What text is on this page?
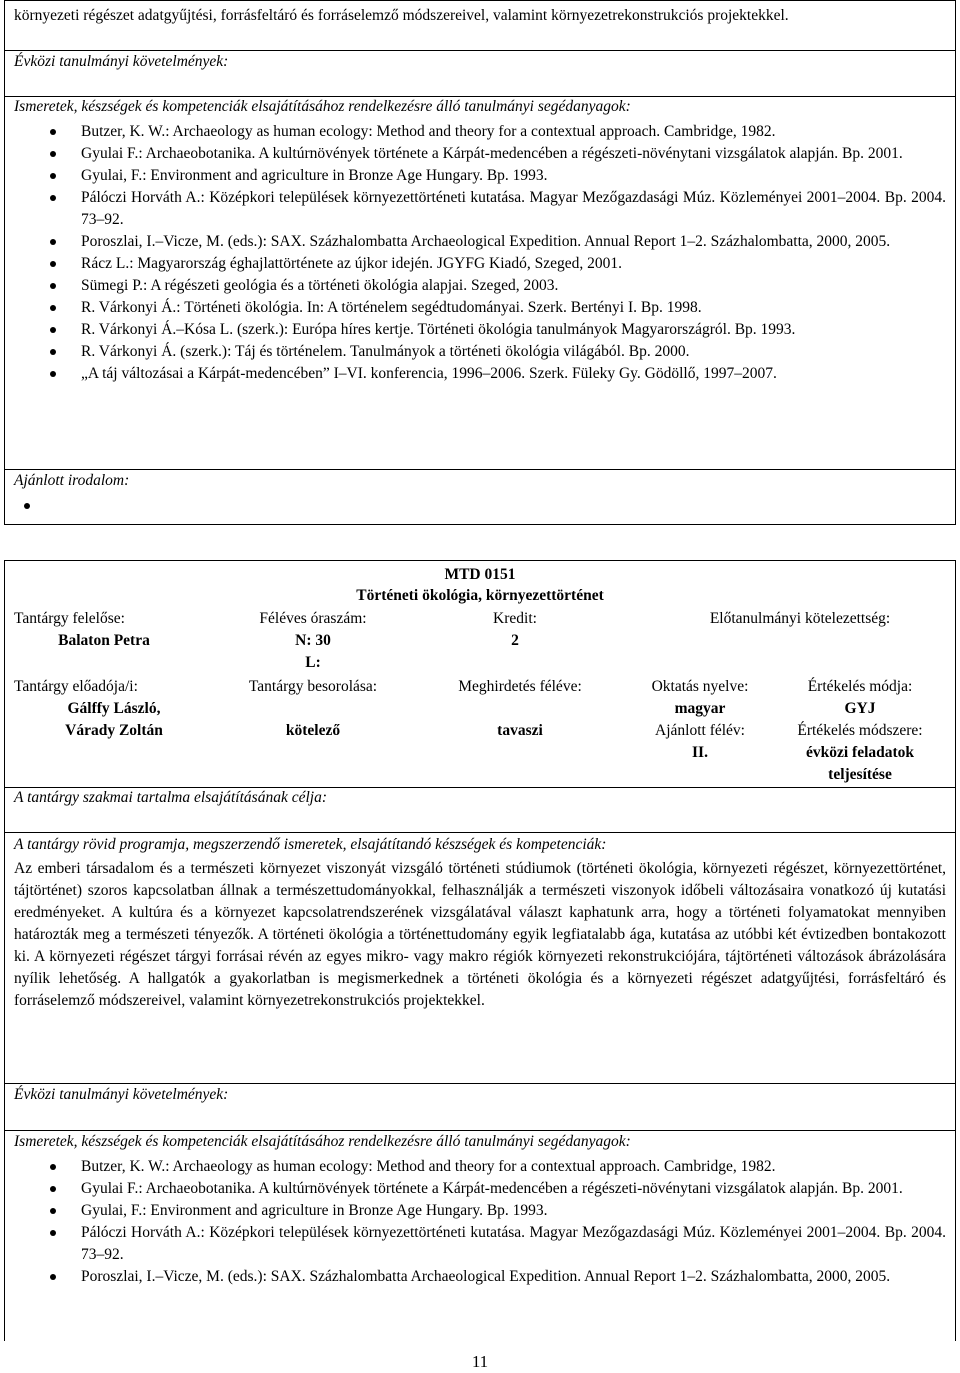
környezeti régészet adatgyűjtési, forrásfeltáró és forráselemző módszereivel, valamint környezetrekonstrukciós projektekkel.
Évközi tanulmányi követelmények:
Ismeretek, készségek és kompetenciák elsajátításához rendelkezésre álló tanulmányi segédanyagok:
Butzer, K. W.: Archaeology as human ecology: Method and theory for a contextual approach. Cambridge, 1982.
Gyulai F.: Archaeobotanika. A kultúrnövények története a Kárpát-medencében a régészeti-növénytani vizsgálatok alapján. Bp. 2001.
Gyulai, F.: Environment and agriculture in Bronze Age Hungary. Bp. 1993.
Pálóczi Horváth A.: Középkori települések környezettörténeti kutatása. Magyar Mezőgazdasági Múz. Közleményei 2001–2004. Bp. 2004. 73–92.
Poroszlai, I.–Vicze, M. (eds.): SAX. Százhalombatta Archaeological Expedition. Annual Report 1–2. Százhalombatta, 2000, 2005.
Rácz L.: Magyarország éghajlattörténete az újkor idején. JGYFG Kiadó, Szeged, 2001.
Sümegi P.: A régészeti geológia és a történeti ökológia alapjai. Szeged, 2003.
R. Várkonyi Á.: Történeti ökológia. In: A történelem segédtudományai. Szerk. Bertényi I. Bp. 1998.
R. Várkonyi Á.–Kósa L. (szerk.): Európa híres kertje. Történeti ökológia tanulmányok Magyarországról. Bp. 1993.
R. Várkonyi Á. (szerk.): Táj és történelem. Tanulmányok a történeti ökológia világából. Bp. 2000.
„A táj változásai a Kárpát-medencében” I–VI. konferencia, 1996–2006. Szerk. Füleky Gy. Gödöllő, 1997–2007.
Ajánlott irodalom:
MTD 0151
Történeti ökológia, környezettörténet
Tantárgy felelőse:
Balaton Petra
Féléves óraszám:
N: 30
L:
Kredit:
2
Előtanulmányi kötelezettség:
Tantárgy előadója/i:
Gálffy László,
Várady Zoltán
Tantárgy besorolása:
kötelező
Meghirdetés féléve:
tavaszi
Oktatás nyelve:
magyar
Ajánlott félév:
II.
Értékelés módja:
GYJ
Értékelés módszere:
évközi feladatok
teljesítése
A tantárgy szakmai tartalma elsajátításának célja:
A tantárgy rövid programja, megszerzendő ismeretek, elsajátítandó készségek és kompetenciák:
Az emberi társadalom és a természeti környezet viszonyát vizsgáló történeti stúdiumok (történeti ökológia, környezeti régészet, környezettörténet, tájtörténet) szoros kapcsolatban állnak a természettudományokkal, felhasználják a természeti viszonyok időbeli változásaira vonatkozó új kutatási eredményeket. A kultúra és a környezet kapcsolatrendszerének vizsgálatával választ kaphatunk arra, hogy a történeti folyamatokat mennyiben határozták meg a természeti tényezők. A történeti ökológia a történettudomány egyik legfiatalabb ága, kutatása az utóbbi két évtizedben bontakozott ki. A környezeti régészet tárgyi forrásai révén az egyes mikro- vagy makro régiók környezeti rekonstrukciójára, tájtörténeti változások ábrázolására nyílik lehetőség. A hallgatók a gyakorlatban is megismerkednek a történeti ökológia és a környezeti régészet adatgyűjtési, forrásfeltáró és forráselemző módszereivel, valamint környezetrekonstrukciós projektekkel.
Évközi tanulmányi követelmények:
Ismeretek, készségek és kompetenciák elsajátításához rendelkezésre álló tanulmányi segédanyagok:
Butzer, K. W.: Archaeology as human ecology: Method and theory for a contextual approach. Cambridge, 1982.
Gyulai F.: Archaeobotanika. A kultúrnövények története a Kárpát-medencében a régészeti-növénytani vizsgálatok alapján. Bp. 2001.
Gyulai, F.: Environment and agriculture in Bronze Age Hungary. Bp. 1993.
Pálóczi Horváth A.: Középkori települések környezettörténeti kutatása. Magyar Mezőgazdasági Múz. Közleményei 2001–2004. Bp. 2004. 73–92.
Poroszlai, I.–Vicze, M. (eds.): SAX. Százhalombatta Archaeological Expedition. Annual Report 1–2. Százhalombatta, 2000, 2005.
11
